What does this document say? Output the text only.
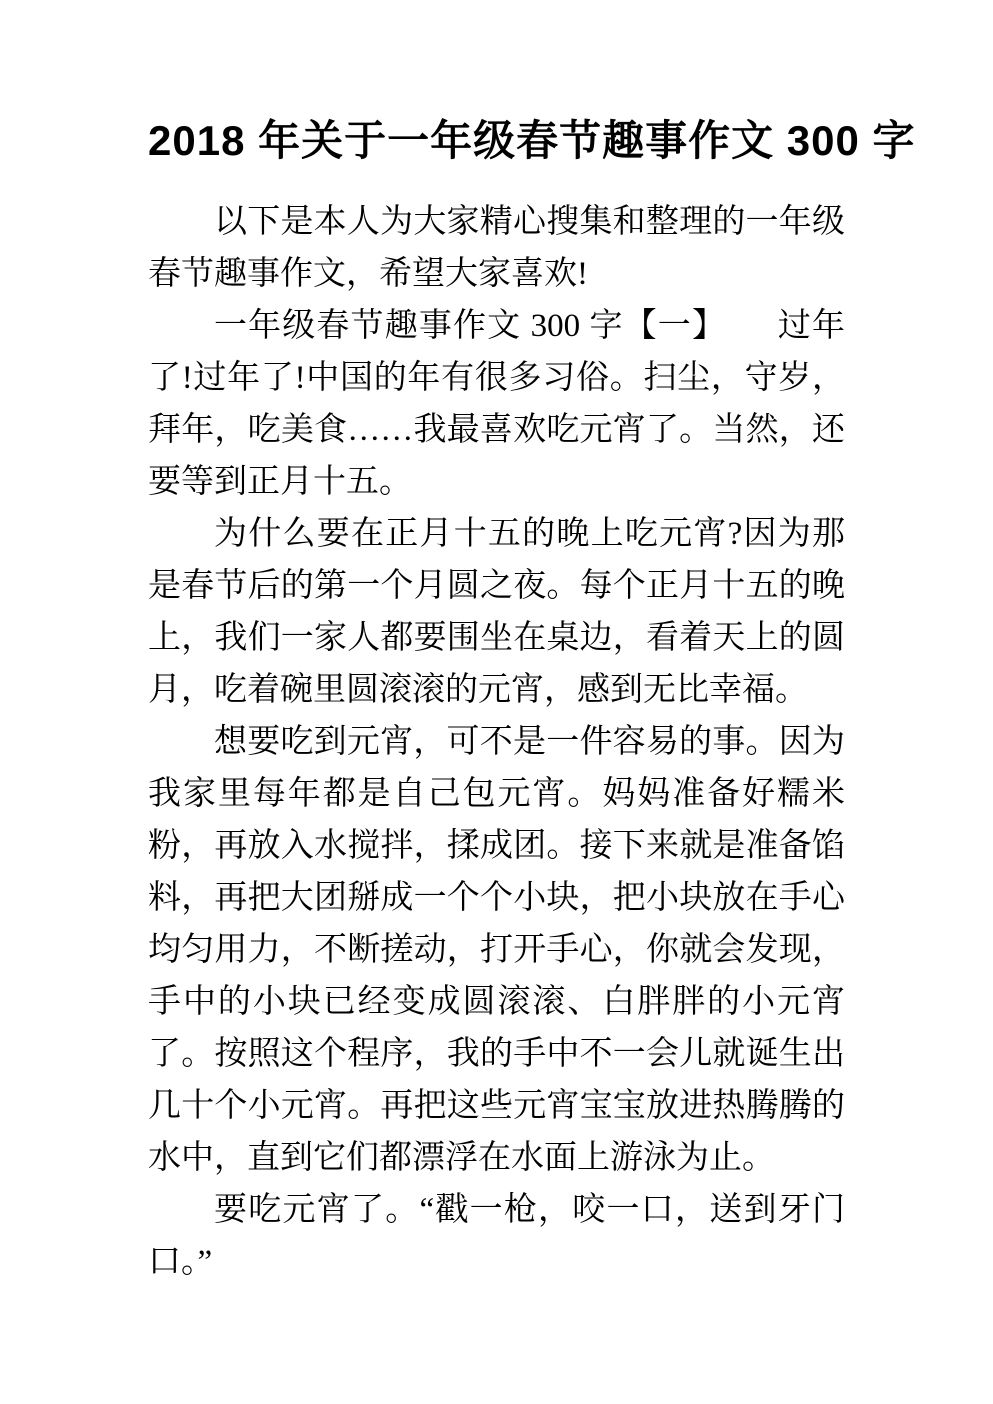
2018 年关于一年级春节趣事作文 300 字

以下是本人为大家精心搜集和整理的一年级春节趣事作文，希望大家喜欢!

一年级春节趣事作文 300 字【一】　　过年了!过年了!中国的年有很多习俗。扫尘，守岁，拜年，吃美食……我最喜欢吃元宵了。当然，还要等到正月十五。

为什么要在正月十五的晚上吃元宵?因为那是春节后的第一个月圆之夜。每个正月十五的晚上，我们一家人都要围坐在桌边，看着天上的圆月，吃着碗里圆滚滚的元宵，感到无比幸福。

想要吃到元宵，可不是一件容易的事。因为我家里每年都是自己包元宵。妈妈准备好糯米粉，再放入水搅拌，揉成团。接下来就是准备馅料，再把大团掰成一个个小块，把小块放在手心均匀用力，不断搓动，打开手心，你就会发现，手中的小块已经变成圆滚滚、白胖胖的小元宵了。按照这个程序，我的手中不一会儿就诞生出几十个小元宵。再把这些元宵宝宝放进热腾腾的水中，直到它们都漂浮在水面上游泳为止。

要吃元宵了。“戳一枪，咬一口，送到牙门口。”
